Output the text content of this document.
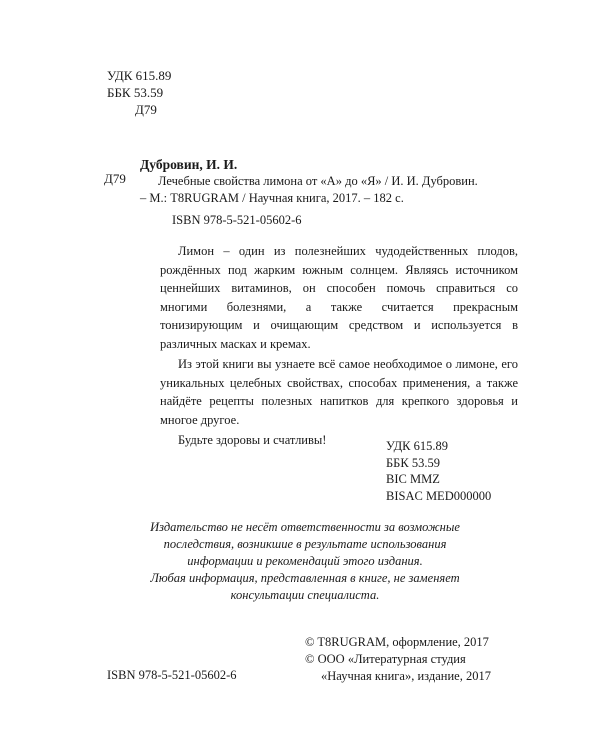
УДК 615.89
ББК 53.59
Д79
Д79
Дубровин, И. И.
Лечебные свойства лимона от «А» до «Я» / И. И. Дубровин.
– М.: T8RUGRAM / Научная книга, 2017. – 182 с.
ISBN 978-5-521-05602-6

Лимон – один из полезнейших чудодейственных плодов, рождённых под жарким южным солнцем. Являясь источником ценнейших витаминов, он способен помочь справиться со многими болезнями, а также считается прекрасным тонизирующим и очищающим средством и используется в различных масках и кремах.

Из этой книги вы узнаете всё самое необходимое о лимоне, его уникальных целебных свойствах, способах применения, а также найдёте рецепты полезных напитков для крепкого здоровья и многое другое.

Будьте здоровы и счатливы!	УДК 615.89
ББК 53.59
BIC MMZ
BISAC MED000000
Издательство не несёт ответственности за возможные
последствия, возникшие в результате использования
информации и рекомендаций этого издания.
Любая информация, представленная в книге, не заменяет
консультации специалиста.
© T8RUGRAM, оформление, 2017
© ООО «Литературная студия
«Научная книга», издание, 2017
ISBN 978-5-521-05602-6
